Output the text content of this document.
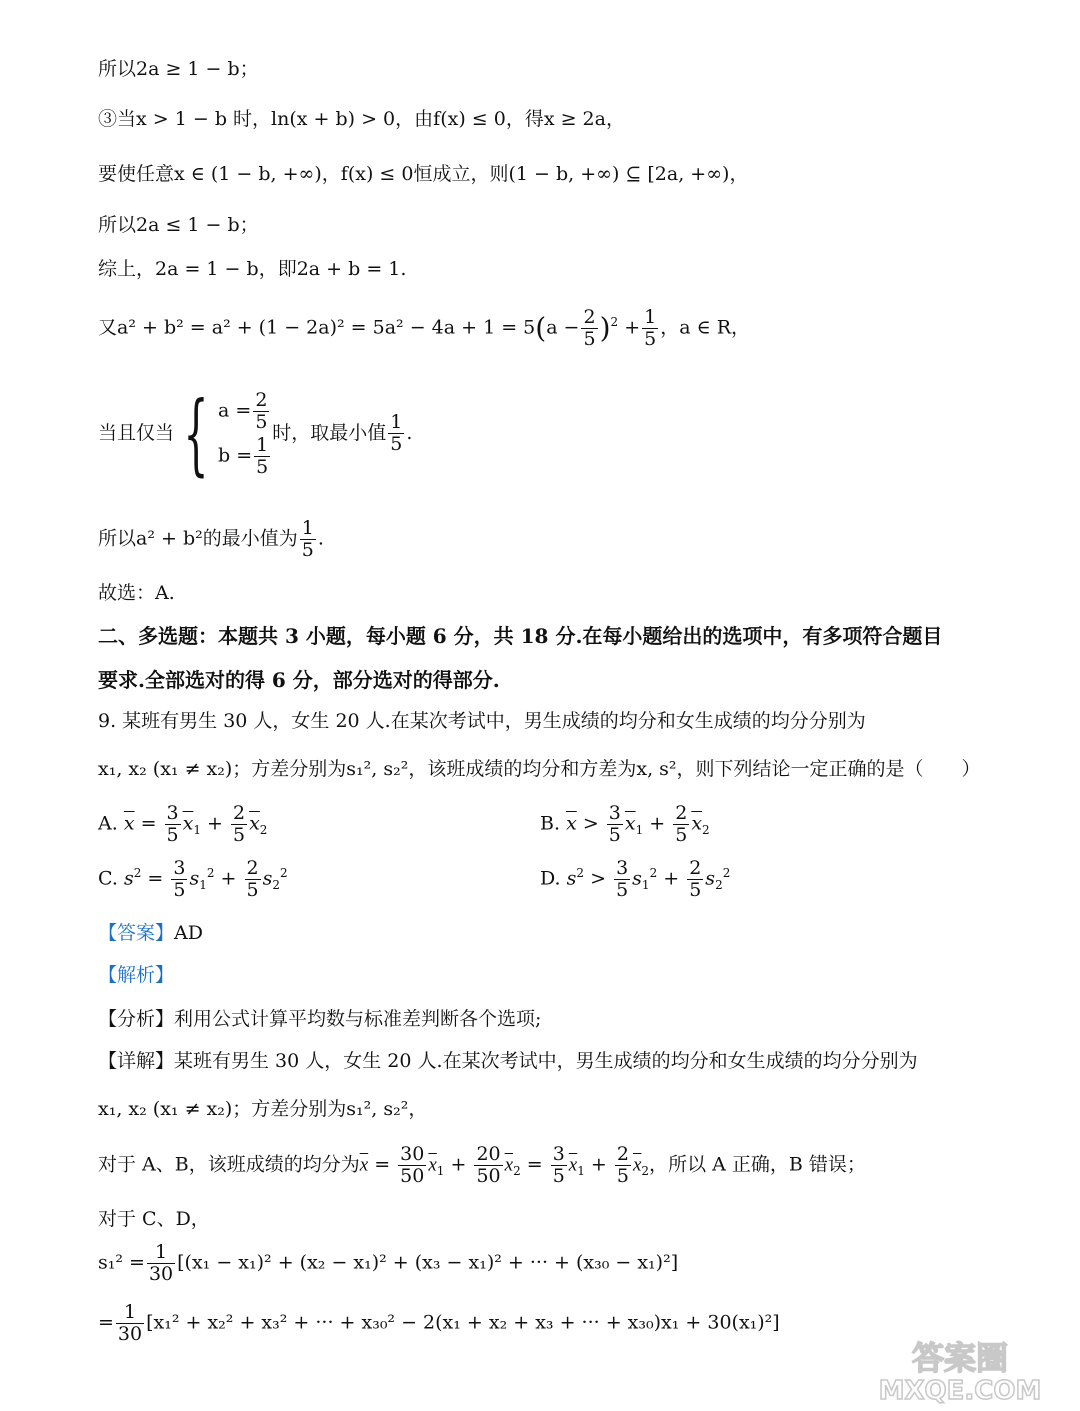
所以2a ≥ 1 − b；
③当x > 1 − b 时，ln(x + b) > 0，由f(x) ≤ 0，得x ≥ 2a，
要使任意x ∈ (1 − b, +∞)，f(x) ≤ 0恒成立，则(1 − b, +∞) ⊆ [2a, +∞)，
所以2a ≤ 1 − b；
综上，2a = 1 − b，即2a + b = 1.
又$a^2 + b^2 = a^2 + (1 - 2a)^2 = 5a^2 - 4a + 1 = 5(a - \frac{2}{5} )^2 + \frac{1}{5}$ ，a ∈ R，
当且仅当 { $a = \frac{2}{5}$
$b = \frac{1}{5}$
时，取最小值 $\frac{1}{5}$ .
所以a² + b²的最小值为 $\frac{1}{5}$ .
故选：A.
二、多选题：本题共 3 小题，每小题 6 分，共 18 分.在每小题给出的选项中，有多项符合题目
要求.全部选对的得 6 分，部分选对的得部分.
9. 某班有男生 30 人，女生 20 人.在某次考试中，男生成绩的均分和女生成绩的均分分别为
x₁, x₂ (x₁ ≠ x₂)；方差分别为s₁², s₂²，该班成绩的均分和方差为x, s²，则下列结论一定正确的是（　　）
A. $\overline{x} = \frac{3}{5} \overline{x}_1 + \frac{2}{5} \overline{x}_2$	B. $\overline{x} > \frac{3}{5} \overline{x}_1 + \frac{2}{5} \overline{x}_2$
C. $s^2 = \frac{3}{5} s_1^2 + \frac{2}{5} s_2^2$	D. $s^2 > \frac{3}{5} s_1^2 + \frac{2}{5} s_2^2$
【答案】AD
【解析】
【分析】利用公式计算平均数与标准差判断各个选项;
【详解】某班有男生 30 人，女生 20 人.在某次考试中，男生成绩的均分和女生成绩的均分分别为
x₁, x₂ (x₁ ≠ x₂)；方差分别为s₁², s₂²，
对于 A、B，该班成绩的均分为$\overline{x} = \frac{30}{50} \overline{x}_1 + \frac{20}{50} \overline{x}_2 = \frac{3}{5} \overline{x}_1 + \frac{2}{5} \overline{x}_2$，所以 A 正确，B 错误；
对于 C、D，
$s_1^2 = \frac{1}{30} [(x_1 - x_1)^2 + (x_2 - x_1)^2 + (x_3 - x_1)^2$ + ··· + (x₃₀ − x₁)²]
= $\frac{1}{30} [x_1^2 + x_2^2 + x_3^2$ + ··· + x₃₀² − 2(x₁ + x₂ + x₃ + ··· + x₃₀)x₁ + 30(x₁)²]
答案圈
MXQE.COM
